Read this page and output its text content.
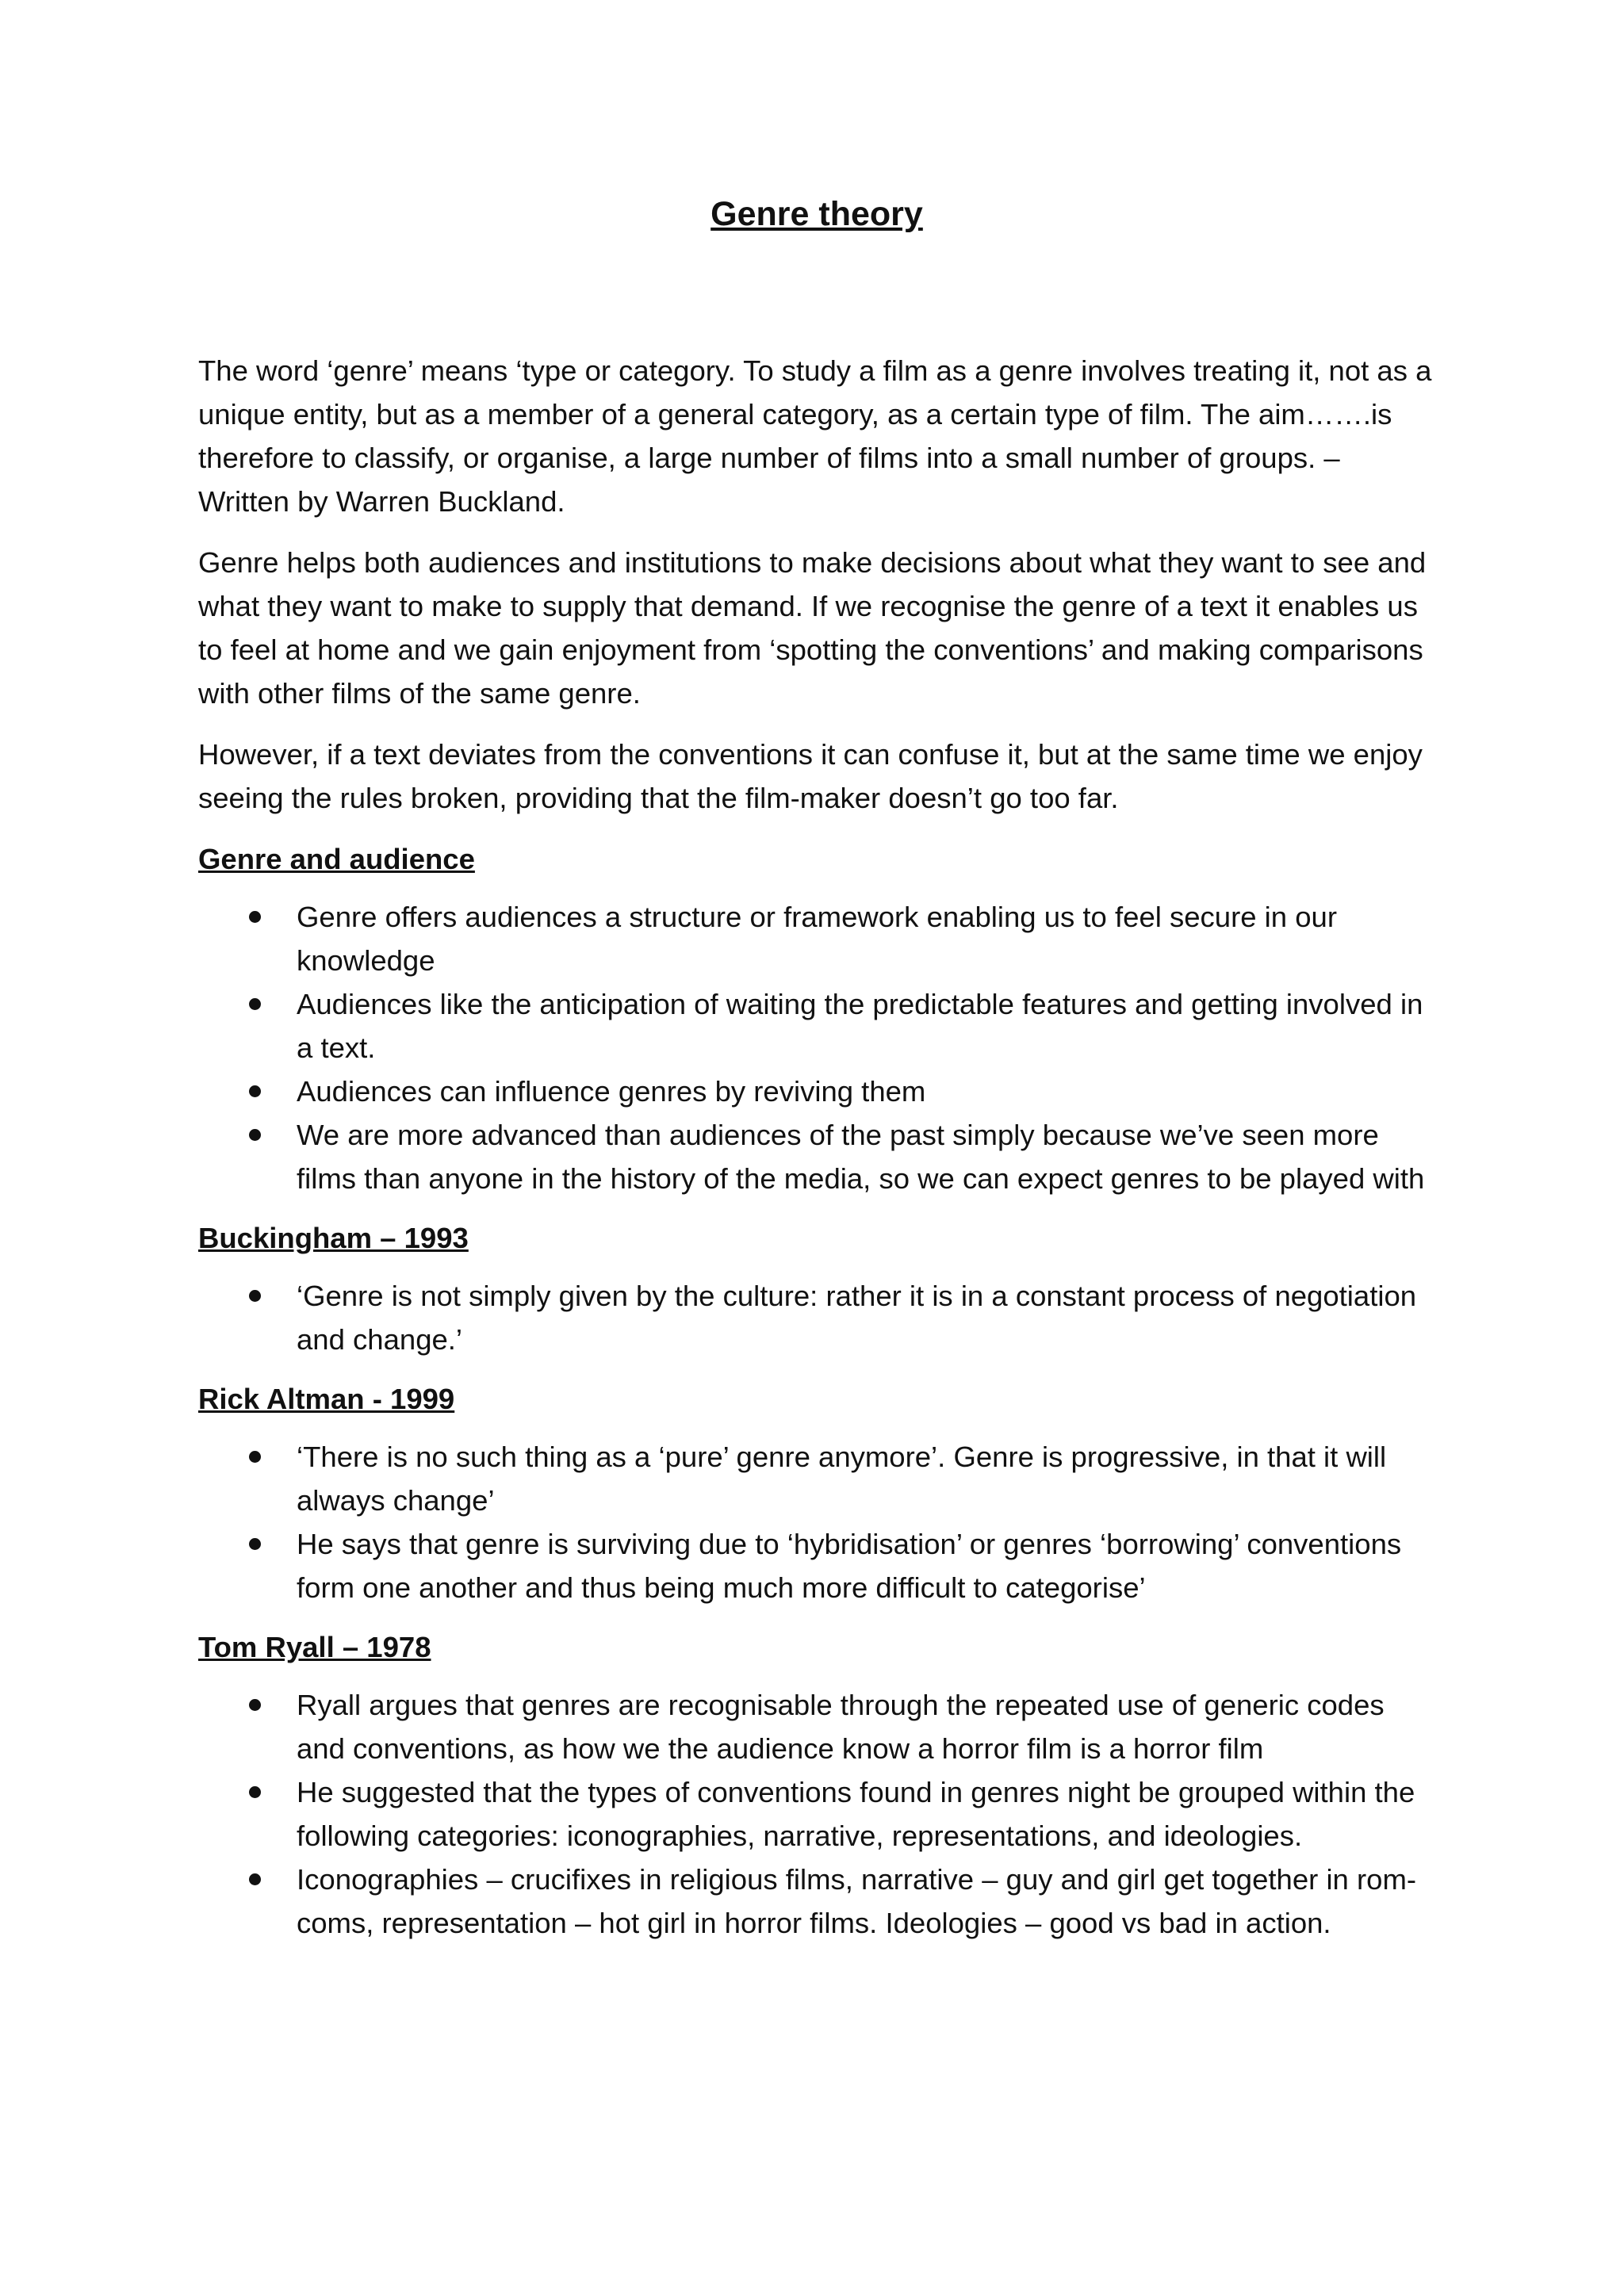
Genre theory

The word ‘genre’ means ‘type or category. To study a film as a genre involves treating it, not as a unique entity, but as a member of a general category, as a certain type of film. The aim…….is therefore to classify, or organise, a large number of films into a small number of groups. – Written by Warren Buckland.

Genre helps both audiences and institutions to make decisions about what they want to see and what they want to make to supply that demand. If we recognise the genre of a text it enables us to feel at home and we gain enjoyment from ‘spotting the conventions’ and making comparisons with other films of the same genre.

However, if a text deviates from the conventions it can confuse it, but at the same time we enjoy seeing the rules broken, providing that the film-maker doesn’t go too far.

Genre and audience
Genre offers audiences a structure or framework enabling us to feel secure in our knowledge
Audiences like the anticipation of waiting the predictable features and getting involved in a text.
Audiences can influence genres by reviving them
We are more advanced than audiences of the past simply because we’ve seen more films than anyone in the history of the media, so we can expect genres to be played with
Buckingham – 1993
‘Genre is not simply given by the culture: rather it is in a constant process of negotiation and change.’
Rick Altman - 1999
‘There is no such thing as a ‘pure’ genre anymore’. Genre is progressive, in that it will always change’
He says that genre is surviving due to ‘hybridisation’ or genres ‘borrowing’ conventions form one another and thus being much more difficult to categorise’
Tom Ryall – 1978
Ryall argues that genres are recognisable through the repeated use of generic codes and conventions, as how we the audience know a horror film is a horror film
He suggested that the types of conventions found in genres night be grouped within the following categories: iconographies, narrative, representations, and ideologies.
Iconographies – crucifixes in religious films, narrative – guy and girl get together in rom-coms, representation – hot girl in horror films. Ideologies – good vs bad in action.
